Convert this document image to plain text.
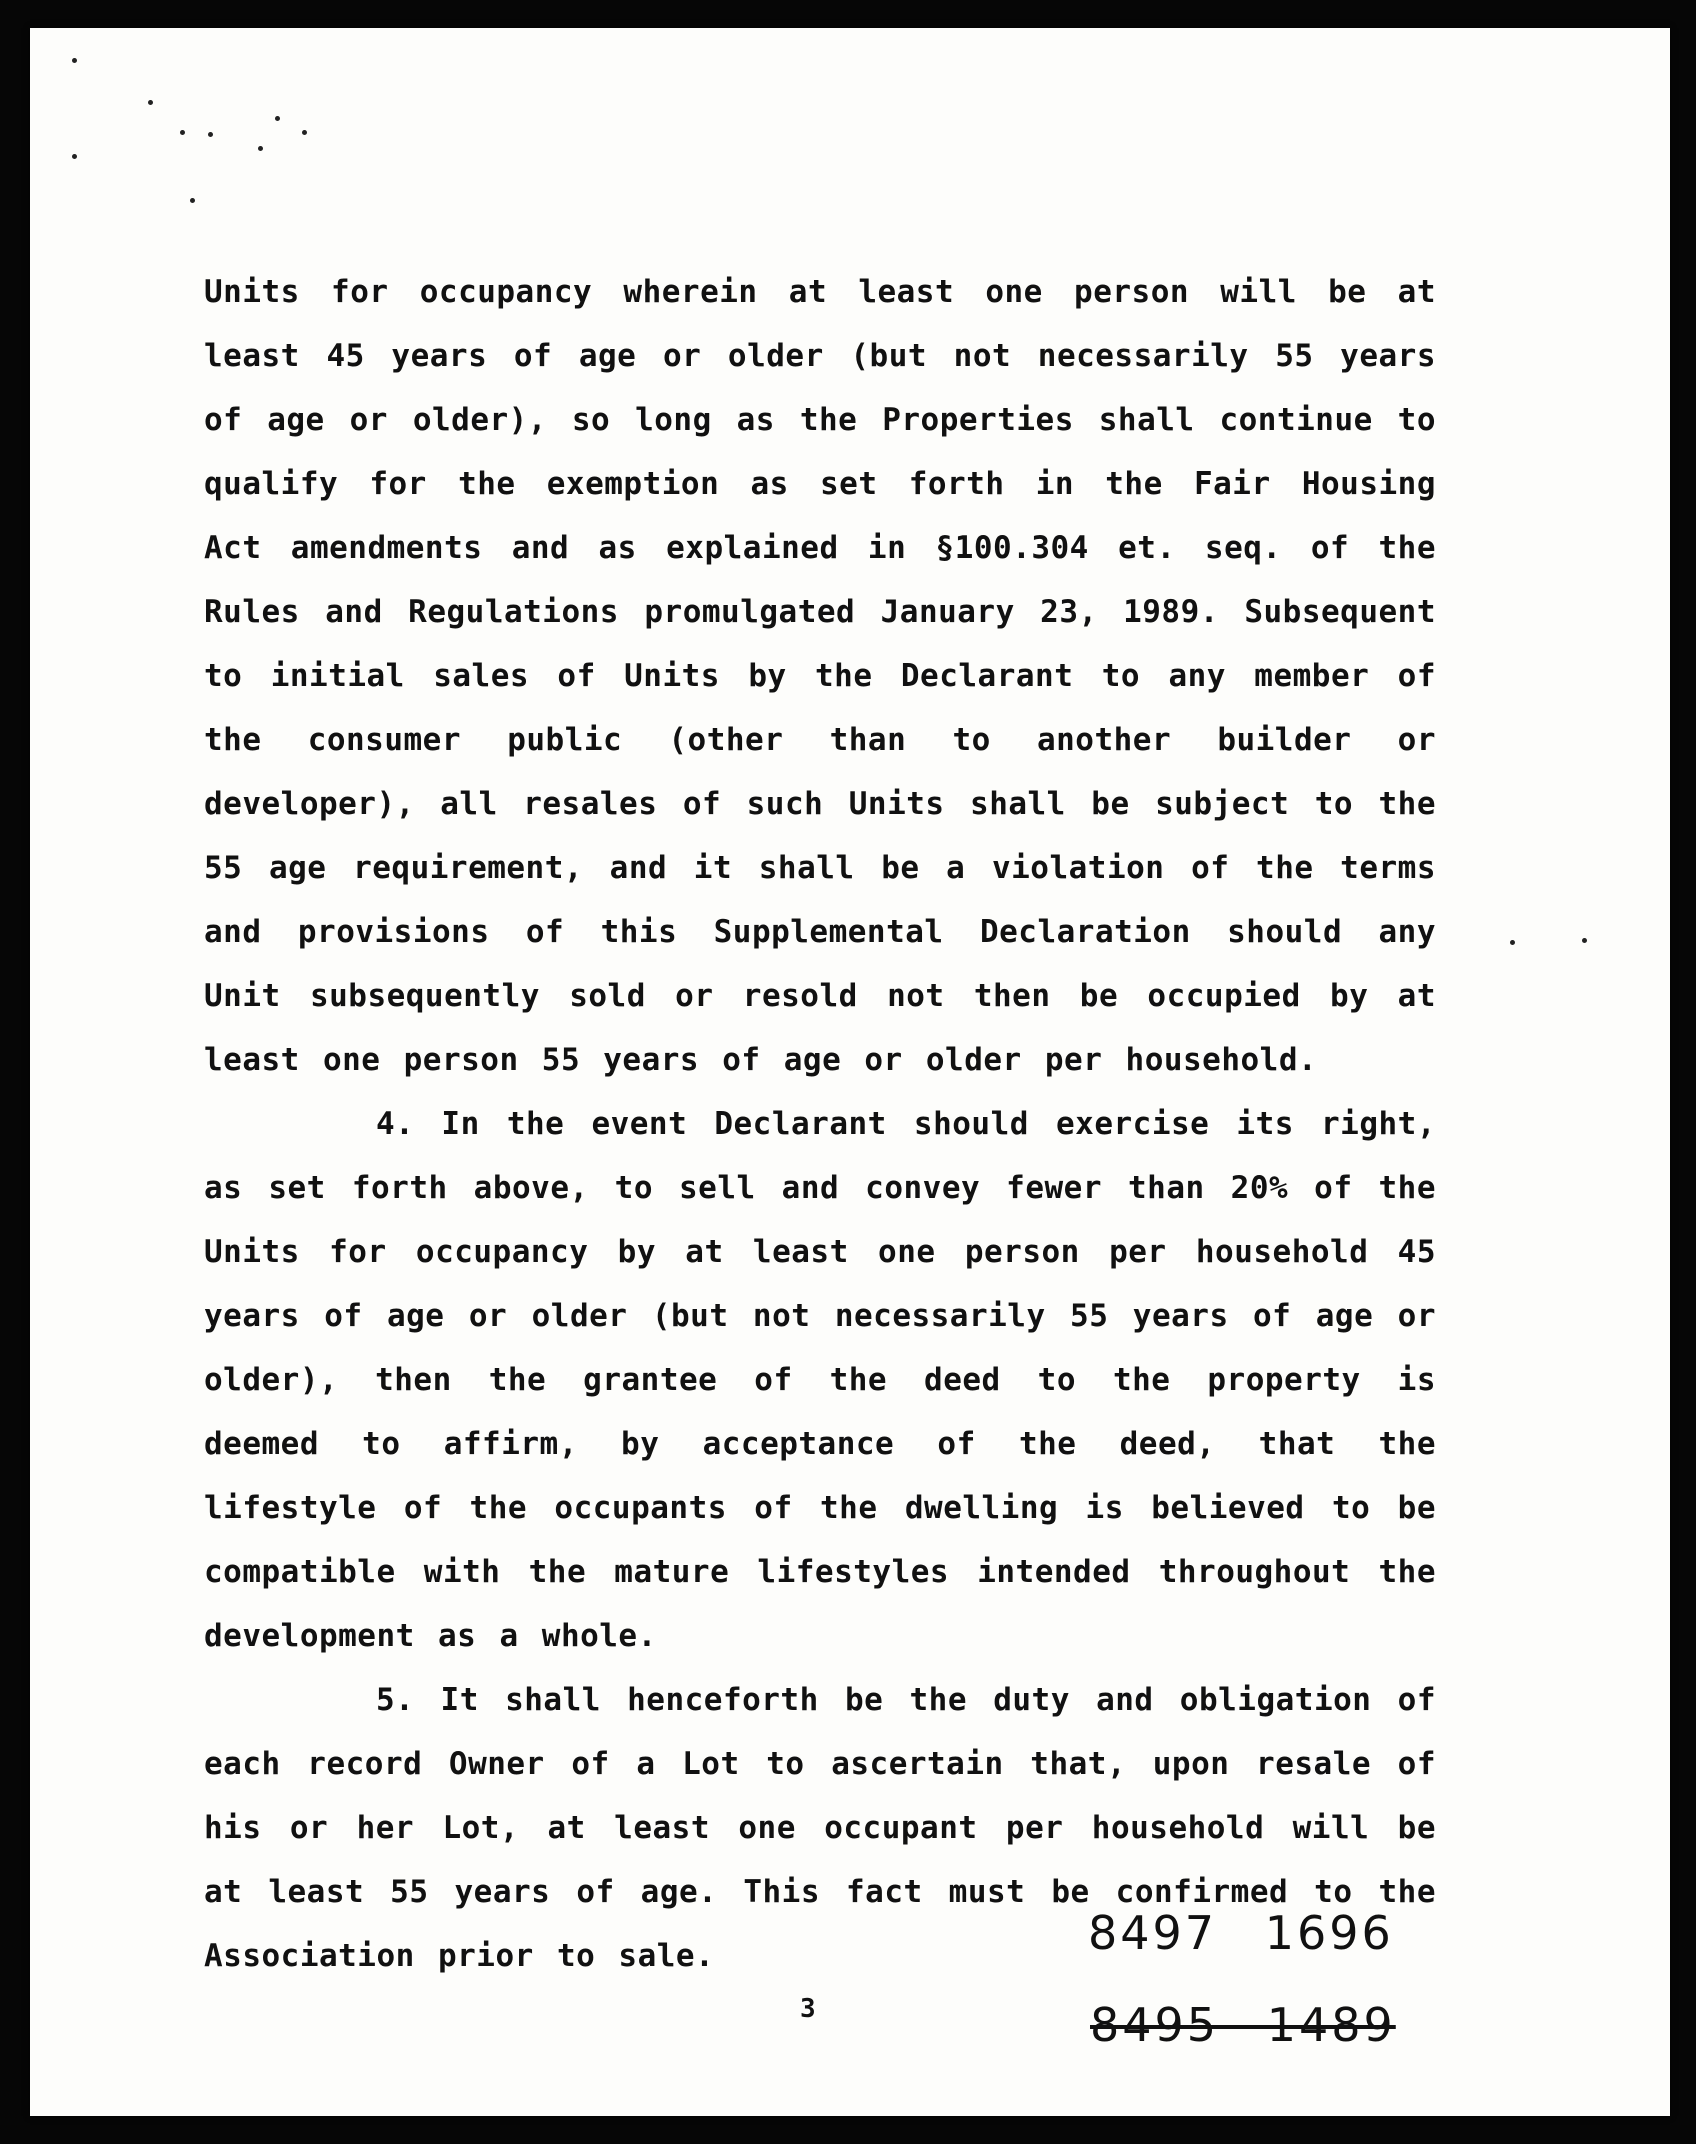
Units for occupancy wherein at least one person will be at least 45 years of age or older (but not necessarily 55 years of age or older), so long as the Properties shall continue to qualify for the exemption as set forth in the Fair Housing Act amendments and as explained in §100.304 et. seq. of the Rules and Regulations promulgated January 23, 1989. Subsequent to initial sales of Units by the Declarant to any member of the consumer public (other than to another builder or developer), all resales of such Units shall be subject to the 55 age requirement, and it shall be a violation of the terms and provisions of this Supplemental Declaration should any Unit subsequently sold or resold not then be occupied by at least one person 55 years of age or older per household.

4. In the event Declarant should exercise its right, as set forth above, to sell and convey fewer than 20% of the Units for occupancy by at least one person per household 45 years of age or older (but not necessarily 55 years of age or older), then the grantee of the deed to the property is deemed to affirm, by acceptance of the deed, that the lifestyle of the occupants of the dwelling is believed to be compatible with the mature lifestyles intended throughout the development as a whole.

5. It shall henceforth be the duty and obligation of each record Owner of a Lot to ascertain that, upon resale of his or her Lot, at least one occupant per household will be at least 55 years of age. This fact must be confirmed to the Association prior to sale.	8497 1696
3	8495 1489
